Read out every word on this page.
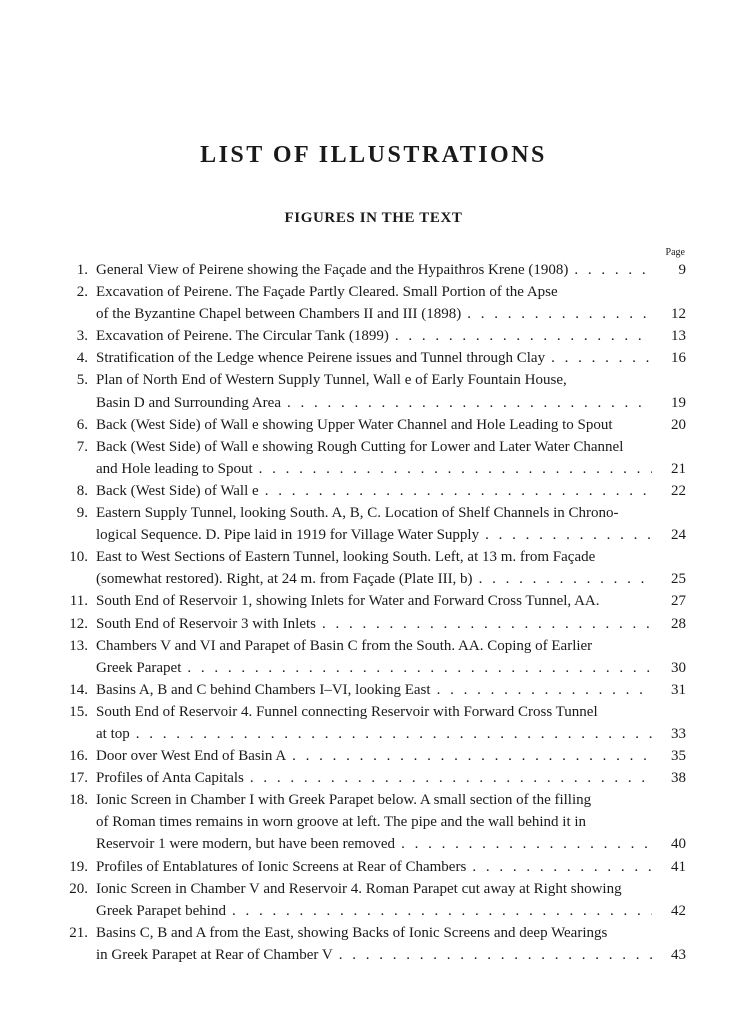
LIST OF ILLUSTRATIONS
FIGURES IN THE TEXT
Page
1. General View of Peirene showing the Façade and the Hypaithros Krene (1908) . . .	9
2. Excavation of Peirene. The Façade Partly Cleared. Small Portion of the Apse
of the Byzantine Chapel between Chambers II and III (1898) . . .	12
3. Excavation of Peirene. The Circular Tank (1899) . . .	13
4. Stratification of the Ledge whence Peirene issues and Tunnel through Clay . . .	16
5. Plan of North End of Western Supply Tunnel, Wall e of Early Fountain House,
Basin D and Surrounding Area . . .	19
6. Back (West Side) of Wall e showing Upper Water Channel and Hole Leading to Spout	20
7. Back (West Side) of Wall e showing Rough Cutting for Lower and Later Water Channel
and Hole leading to Spout . . .	21
8. Back (West Side) of Wall e . . .	22
9. Eastern Supply Tunnel, looking South. A, B, C. Location of Shelf Channels in Chrono-
logical Sequence. D. Pipe laid in 1919 for Village Water Supply . . .	24
10. East to West Sections of Eastern Tunnel, looking South. Left, at 13 m. from Façade
(somewhat restored). Right, at 24 m. from Façade (Plate III, b) . . .	25
11. South End of Reservoir 1, showing Inlets for Water and Forward Cross Tunnel, AA.	27
12. South End of Reservoir 3 with Inlets . . .	28
13. Chambers V and VI and Parapet of Basin C from the South. AA. Coping of Earlier
Greek Parapet . . .	30
14. Basins A, B and C behind Chambers I–VI, looking East . . .	31
15. South End of Reservoir 4. Funnel connecting Reservoir with Forward Cross Tunnel
at top . . .	33
16. Door over West End of Basin A . . .	35
17. Profiles of Anta Capitals . . .	38
18. Ionic Screen in Chamber I with Greek Parapet below. A small section of the filling
of Roman times remains in worn groove at left. The pipe and the wall behind it in
Reservoir 1 were modern, but have been removed . . .	40
19. Profiles of Entablatures of Ionic Screens at Rear of Chambers . . .	41
20. Ionic Screen in Chamber V and Reservoir 4. Roman Parapet cut away at Right showing
Greek Parapet behind . . .	42
21. Basins C, B and A from the East, showing Backs of Ionic Screens and deep Wearings
in Greek Parapet at Rear of Chamber V . . .	43
